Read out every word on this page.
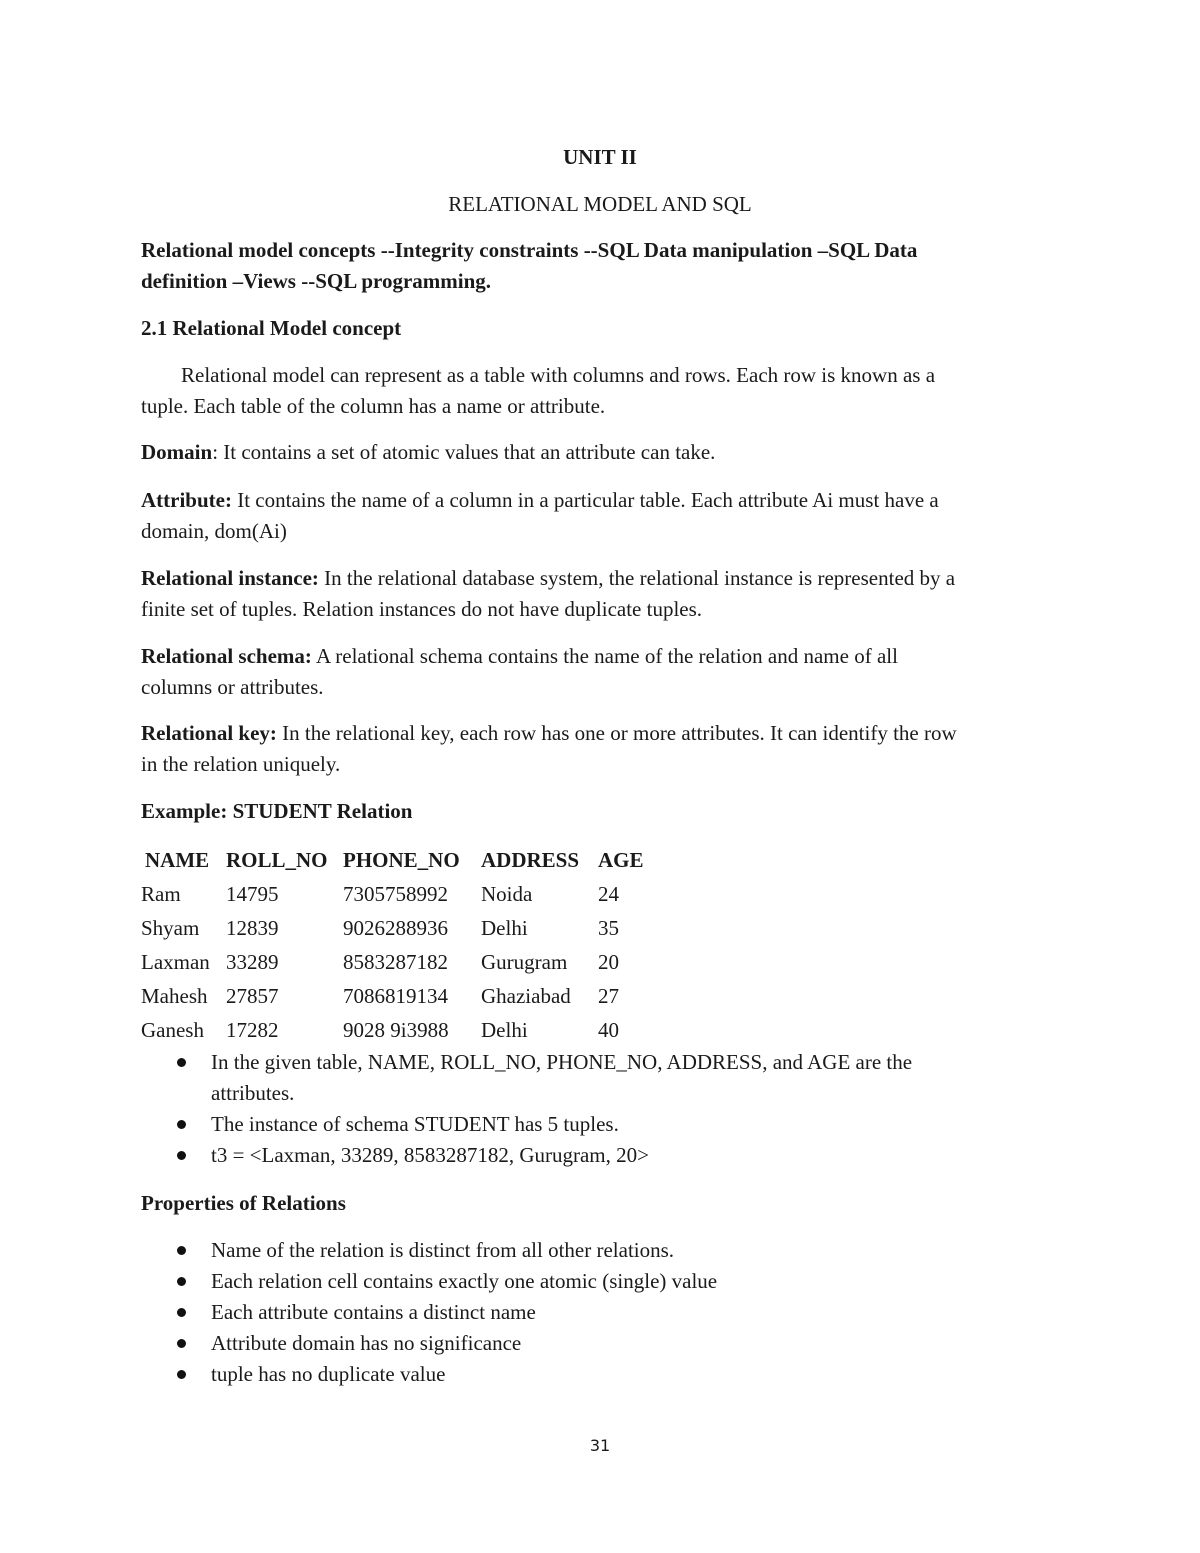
UNIT II
RELATIONAL MODEL AND SQL
Relational model concepts --Integrity constraints --SQL Data manipulation –SQL Data
definition –Views --SQL programming.
2.1 Relational Model concept
Relational model can represent as a table with columns and rows. Each row is known as a
tuple. Each table of the column has a name or attribute.
Domain: It contains a set of atomic values that an attribute can take.
Attribute: It contains the name of a column in a particular table. Each attribute Ai must have a
domain, dom(Ai)
Relational instance: In the relational database system, the relational instance is represented by a
finite set of tuples. Relation instances do not have duplicate tuples.
Relational schema: A relational schema contains the name of the relation and name of all
columns or attributes.
Relational key: In the relational key, each row has one or more attributes. It can identify the row
in the relation uniquely.
Example: STUDENT Relation
NAME ROLL_NO PHONE_NO ADDRESS AGE
Ram 14795	7305758992 Noida	24
Shyam 12839	9026288936 Delhi	35
Laxman 33289	8583287182 Gurugram 20
Mahesh 27857	7086819134 Ghaziabad 27
Ganesh 17282	9028 9i3988 Delhi	40
In the given table, NAME, ROLL_NO, PHONE_NO, ADDRESS, and AGE are the
attributes.
The instance of schema STUDENT has 5 tuples.
t3 = <Laxman, 33289, 8583287182, Gurugram, 20>
Properties of Relations
Name of the relation is distinct from all other relations.
Each relation cell contains exactly one atomic (single) value
Each attribute contains a distinct name
Attribute domain has no significance
tuple has no duplicate value
31
